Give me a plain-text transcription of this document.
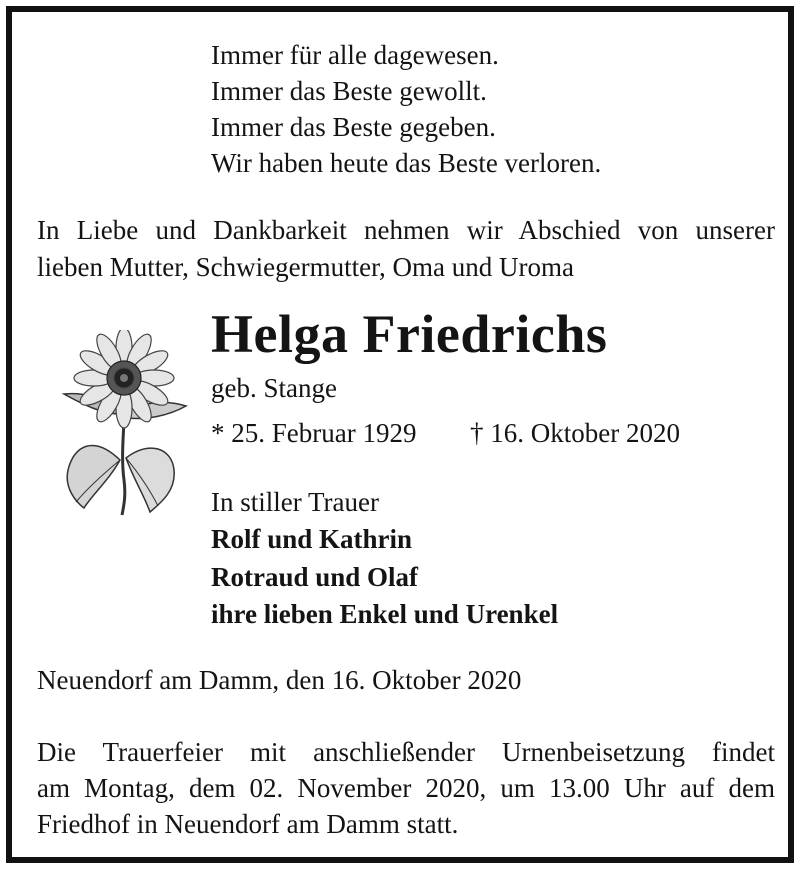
Immer für alle dagewesen.
Immer das Beste gewollt.
Immer das Beste gegeben.
Wir haben heute das Beste verloren.
In Liebe und Dankbarkeit nehmen wir Abschied von unserer
lieben Mutter, Schwiegermutter, Oma und Uroma
Helga Friedrichs
geb. Stange
* 25. Februar 1929 † 16. Oktober 2020
In stiller Trauer
Rolf und Kathrin
Rotraud und Olaf
ihre lieben Enkel und Urenkel
Neuendorf am Damm, den 16. Oktober 2020
Die Trauerfeier mit anschließender Urnenbeisetzung findet
am Montag, dem 02. November 2020, um 13.00 Uhr auf dem
Friedhof in Neuendorf am Damm statt.
